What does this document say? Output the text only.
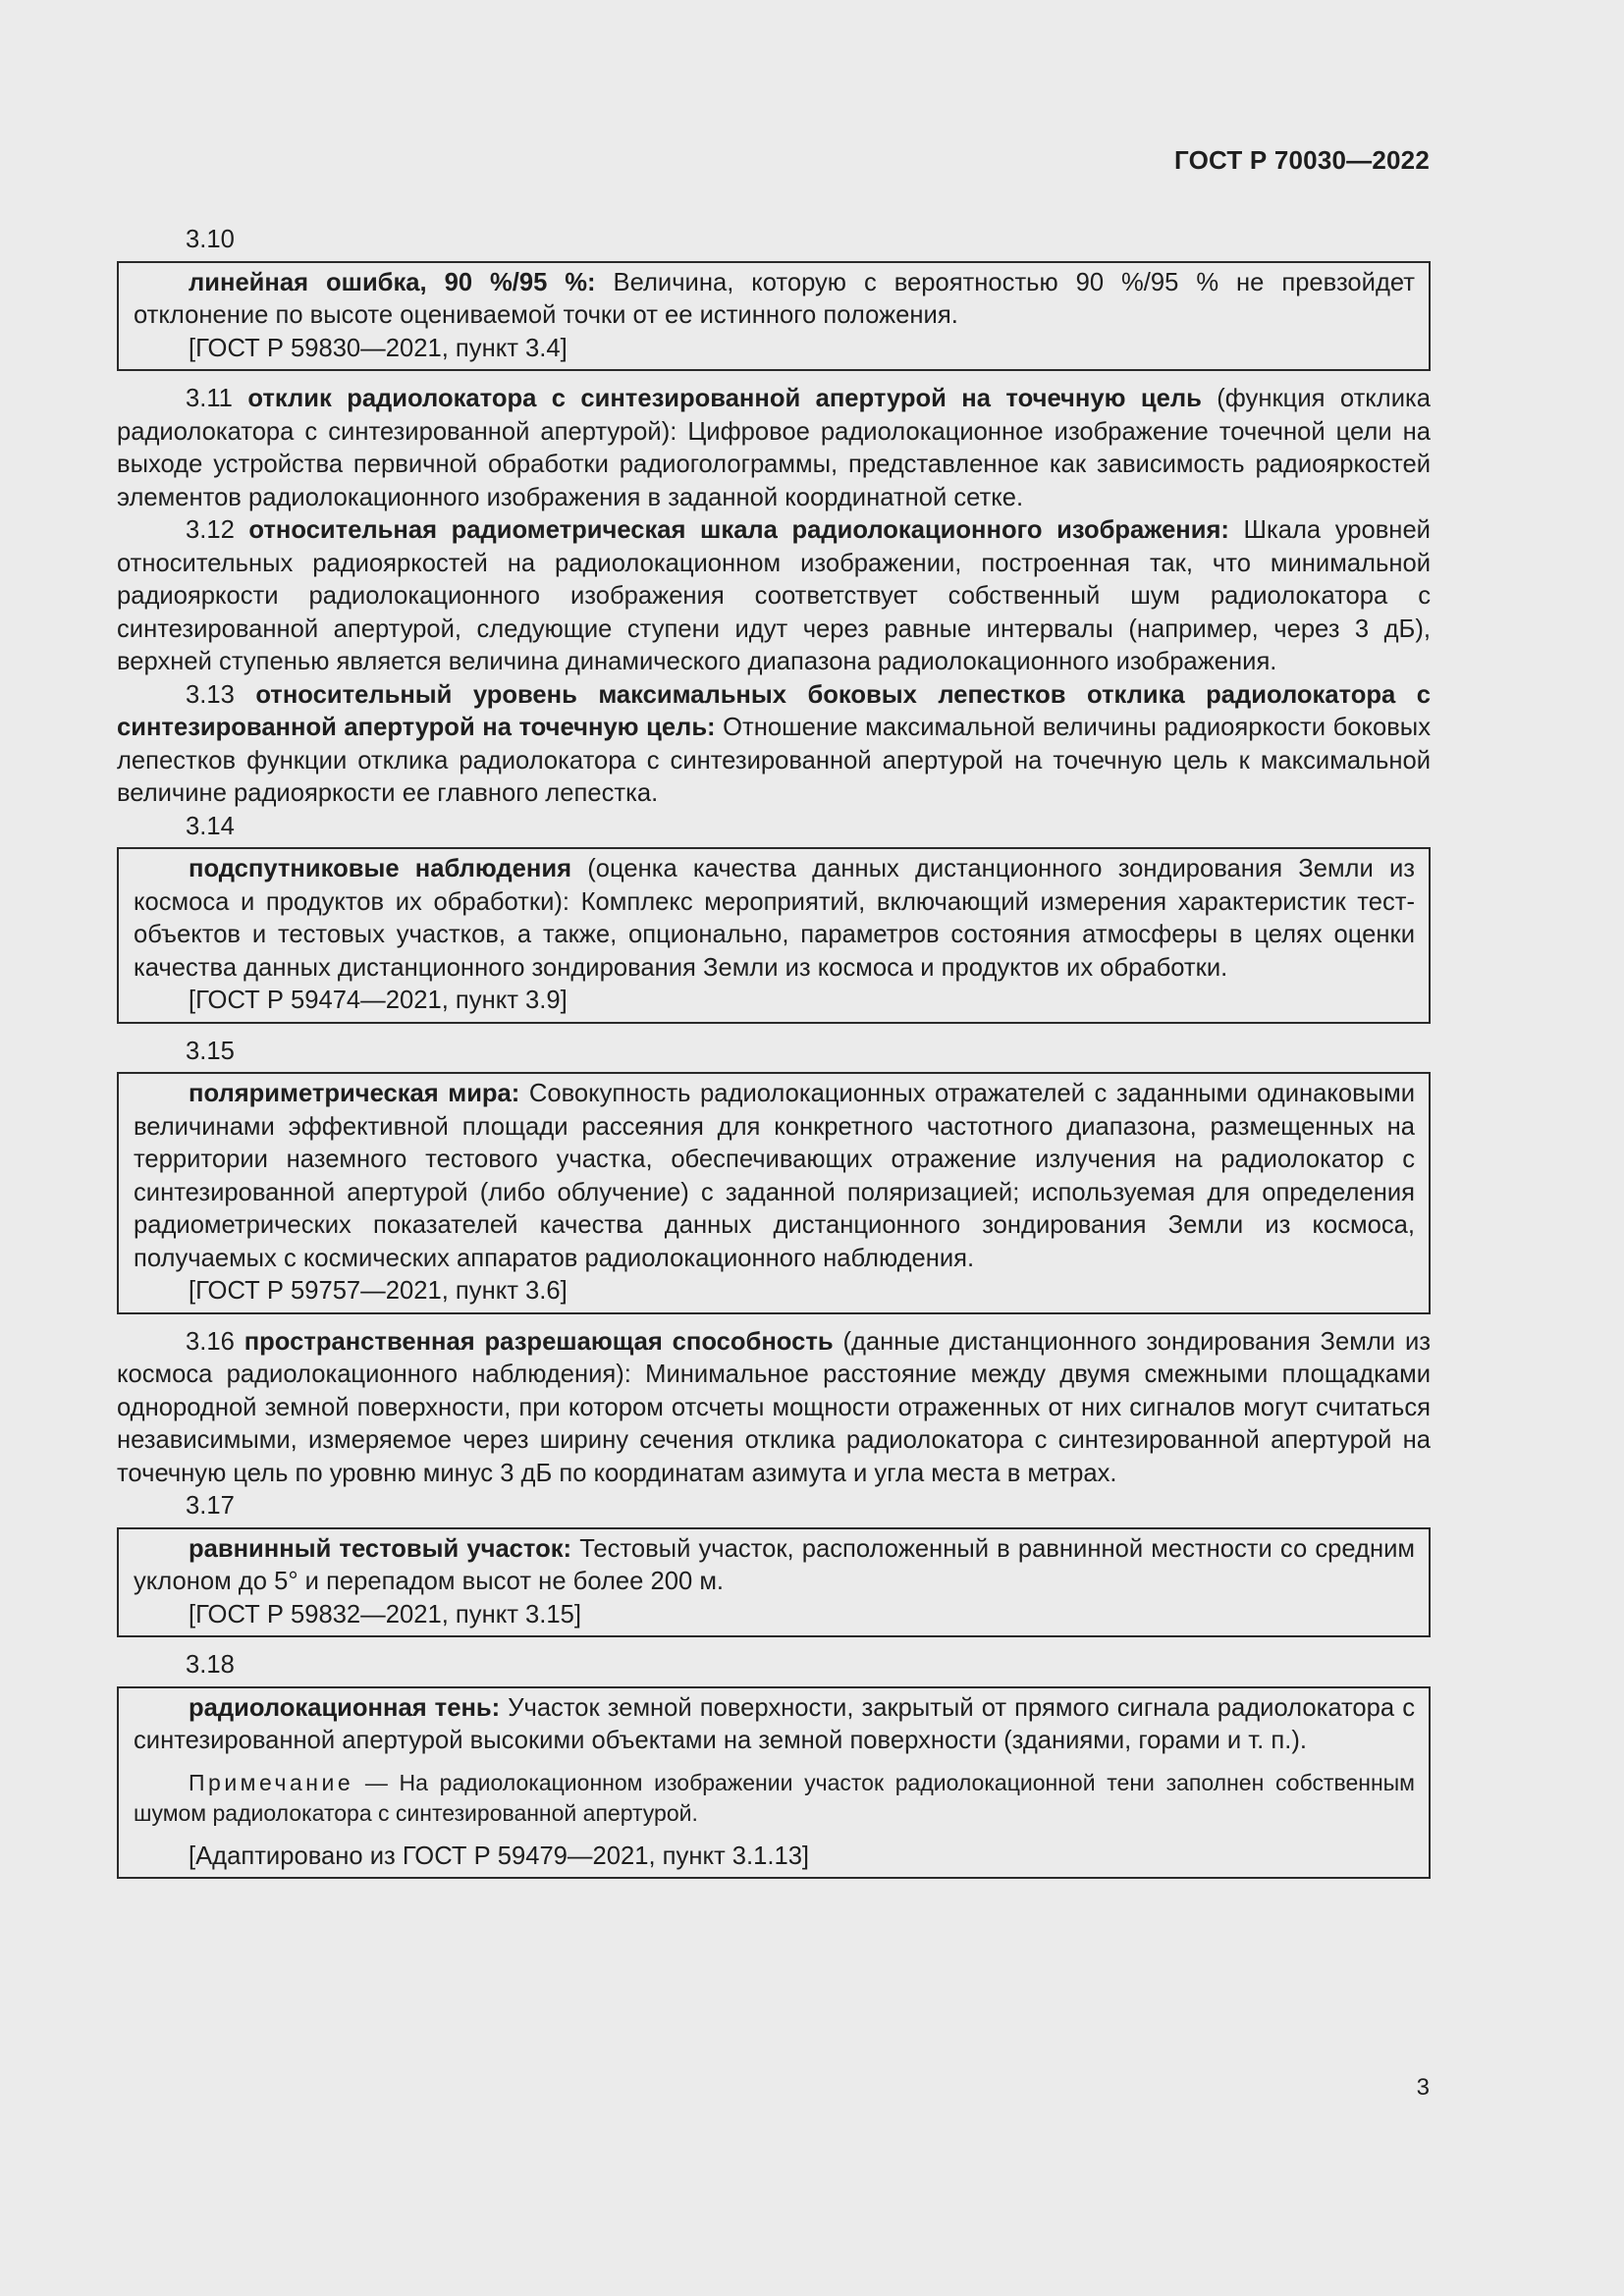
ГОСТ Р 70030—2022
3.10

линейная ошибка, 90 %/95 %: Величина, которую с вероятностью 90 %/95 % не превзойдет отклонение по высоте оцениваемой точки от ее истинного положения.

[ГОСТ Р 59830—2021, пункт 3.4]

3.11 отклик радиолокатора с синтезированной апертурой на точечную цель (функция отклика радиолокатора с синтезированной апертурой): Цифровое радиолокационное изображение точечной цели на выходе устройства первичной обработки радиоголограммы, представленное как зависимость радиояркостей элементов радиолокационного изображения в заданной координатной сетке.

3.12 относительная радиометрическая шкала радиолокационного изображения: Шкала уровней относительных радиояркостей на радиолокационном изображении, построенная так, что минимальной радиояркости радиолокационного изображения соответствует собственный шум радиолокатора с синтезированной апертурой, следующие ступени идут через равные интервалы (например, через 3 дБ), верхней ступенью является величина динамического диапазона радиолокационного изображения.

3.13 относительный уровень максимальных боковых лепестков отклика радиолокатора с синтезированной апертурой на точечную цель: Отношение максимальной величины радиояркости боковых лепестков функции отклика радиолокатора с синтезированной апертурой на точечную цель к максимальной величине радиояркости ее главного лепестка.

3.14

подспутниковые наблюдения (оценка качества данных дистанционного зондирования Земли из космоса и продуктов их обработки): Комплекс мероприятий, включающий измерения характеристик тест-объектов и тестовых участков, а также, опционально, параметров состояния атмосферы в целях оценки качества данных дистанционного зондирования Земли из космоса и продуктов их обработки.

[ГОСТ Р 59474—2021, пункт 3.9]
3.15

поляриметрическая мира: Совокупность радиолокационных отражателей с заданными одинаковыми величинами эффективной площади рассеяния для конкретного частотного диапазона, размещенных на территории наземного тестового участка, обеспечивающих отражение излучения на радиолокатор с синтезированной апертурой (либо облучение) с заданной поляризацией; используемая для определения радиометрических показателей качества данных дистанционного зондирования Земли из космоса, получаемых с космических аппаратов радиолокационного наблюдения.

[ГОСТ Р 59757—2021, пункт 3.6]

3.16 пространственная разрешающая способность (данные дистанционного зондирования Земли из космоса радиолокационного наблюдения): Минимальное расстояние между двумя смежными площадками однородной земной поверхности, при котором отсчеты мощности отраженных от них сигналов могут считаться независимыми, измеряемое через ширину сечения отклика радиолокатора с синтезированной апертурой на точечную цель по уровню минус 3 дБ по координатам азимута и угла места в метрах.

3.17

равнинный тестовый участок: Тестовый участок, расположенный в равнинной местности со средним уклоном до 5° и перепадом высот не более 200 м.

[ГОСТ Р 59832—2021, пункт 3.15]
3.18

радиолокационная тень: Участок земной поверхности, закрытый от прямого сигнала радиолокатора с синтезированной апертурой высокими объектами на земной поверхности (зданиями, горами и т. п.).

Примечание — На радиолокационном изображении участок радиолокационной тени заполнен собственным шумом радиолокатора с синтезированной апертурой.

[Адаптировано из ГОСТ Р 59479—2021, пункт 3.1.13]
3
